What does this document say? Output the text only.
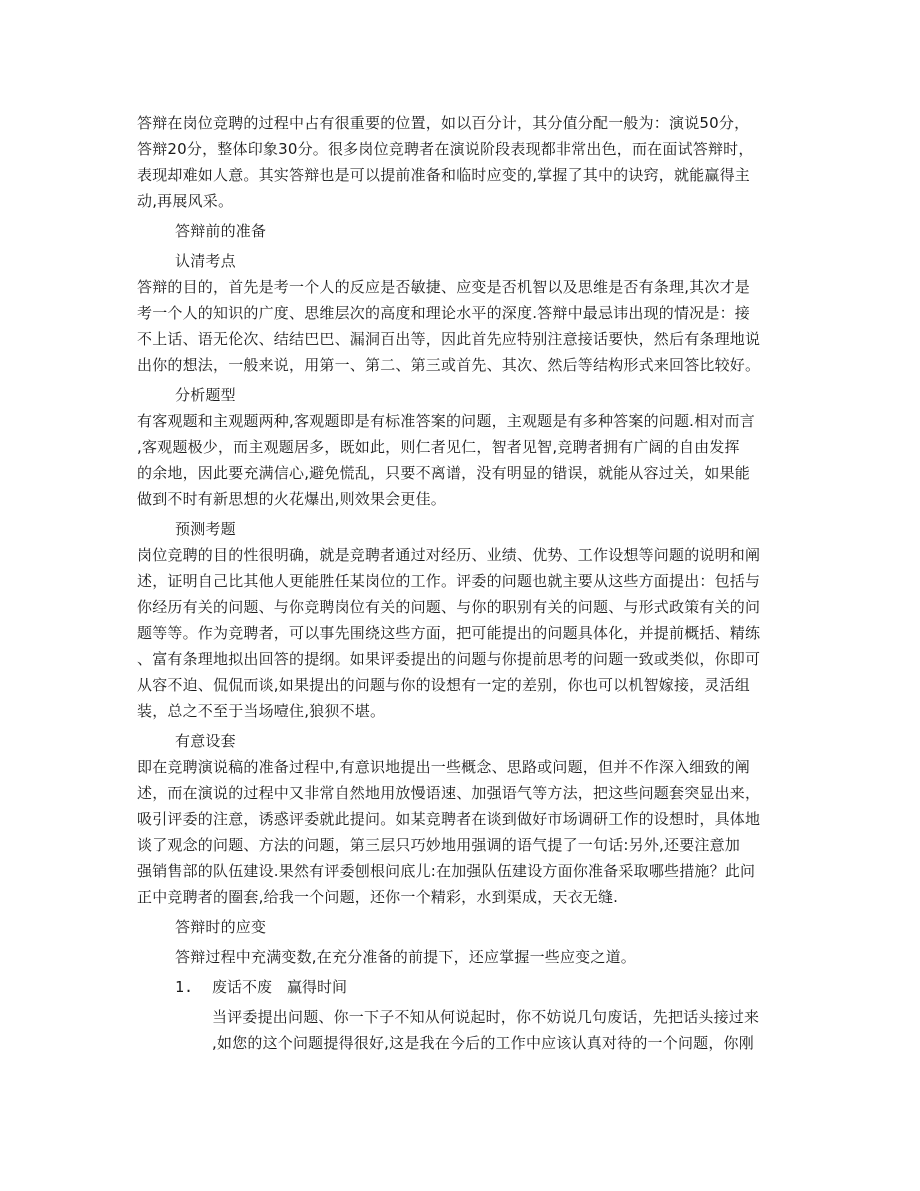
答辩在岗位竞聘的过程中占有很重要的位置，如以百分计，其分值分配一般为：演说50分，
答辩20分，整体印象30分。很多岗位竞聘者在演说阶段表现都非常出色，而在面试答辩时，
表现却难如人意。其实答辩也是可以提前准备和临时应变的,掌握了其中的诀窍，就能赢得主
动,再展风采。
答辩前的准备
认清考点
答辩的目的，首先是考一个人的反应是否敏捷、应变是否机智以及思维是否有条理,其次才是
考一个人的知识的广度、思维层次的高度和理论水平的深度.答辩中最忌讳出现的情况是：接
不上话、语无伦次、结结巴巴、漏洞百出等，因此首先应特别注意接话要快，然后有条理地说
出你的想法，一般来说，用第一、第二、第三或首先、其次、然后等结构形式来回答比较好。
分析题型
有客观题和主观题两种,客观题即是有标准答案的问题，主观题是有多种答案的问题.相对而言
,客观题极少，而主观题居多，既如此，则仁者见仁，智者见智,竞聘者拥有广阔的自由发挥
的余地，因此要充满信心,避免慌乱，只要不离谱，没有明显的错误，就能从容过关，如果能
做到不时有新思想的火花爆出,则效果会更佳。
预测考题
岗位竞聘的目的性很明确，就是竞聘者通过对经历、业绩、优势、工作设想等问题的说明和阐
述，证明自己比其他人更能胜任某岗位的工作。评委的问题也就主要从这些方面提出：包括与
你经历有关的问题、与你竞聘岗位有关的问题、与你的职别有关的问题、与形式政策有关的问
题等等。作为竞聘者，可以事先围绕这些方面，把可能提出的问题具体化，并提前概括、精练
、富有条理地拟出回答的提纲。如果评委提出的问题与你提前思考的问题一致或类似，你即可
从容不迫、侃侃而谈,如果提出的问题与你的设想有一定的差别，你也可以机智嫁接，灵活组
装，总之不至于当场噎住,狼狈不堪。
有意设套
即在竞聘演说稿的准备过程中,有意识地提出一些概念、思路或问题，但并不作深入细致的阐
述，而在演说的过程中又非常自然地用放慢语速、加强语气等方法，把这些问题套突显出来，
吸引评委的注意，诱惑评委就此提问。如某竞聘者在谈到做好市场调研工作的设想时，具体地
谈了观念的问题、方法的问题，第三层只巧妙地用强调的语气提了一句话:另外,还要注意加
强销售部的队伍建设.果然有评委刨根问底儿:在加强队伍建设方面你准备采取哪些措施？此问
正中竞聘者的圈套,给我一个问题，还你一个精彩，水到渠成，天衣无缝.
答辩时的应变
答辩过程中充满变数,在充分准备的前提下，还应掌握一些应变之道。
1. 废话不废　赢得时间
当评委提出问题、你一下子不知从何说起时，你不妨说几句废话，先把话头接过来
,如您的这个问题提得很好,这是我在今后的工作中应该认真对待的一个问题，你刚
